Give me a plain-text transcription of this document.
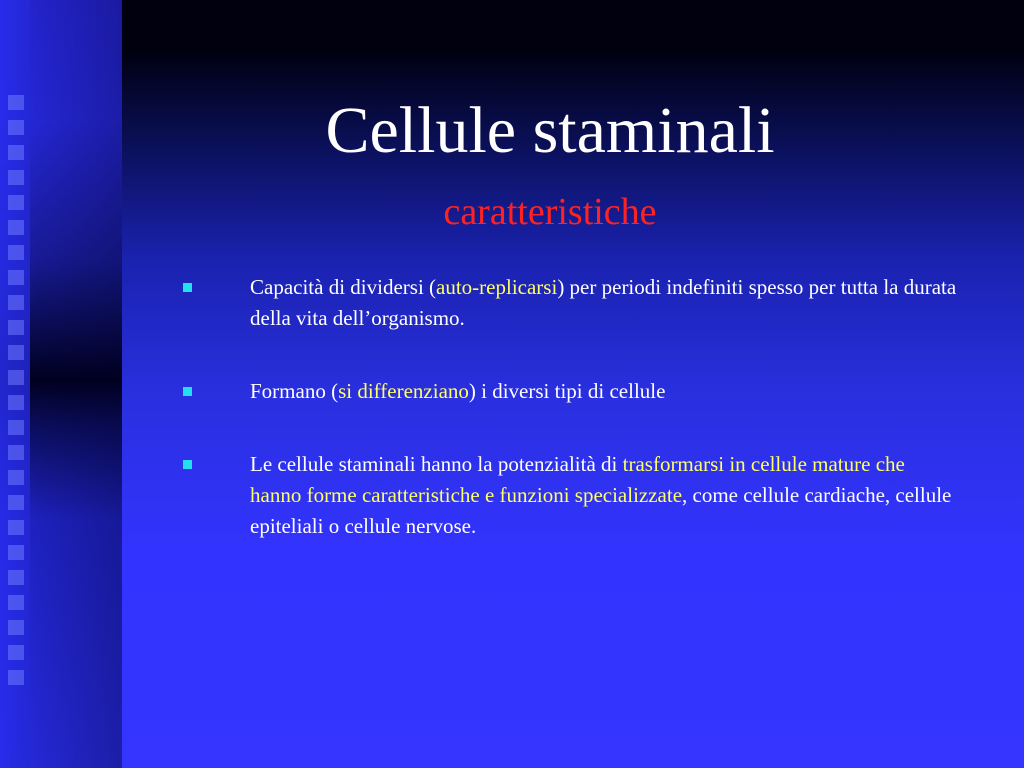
Cellule staminali
caratteristiche
Capacità di dividersi (auto-replicarsi) per periodi indefiniti spesso per tutta la durata della vita dell’organismo.
Formano (si differenziano) i diversi tipi di cellule
Le cellule staminali hanno la potenzialità di trasformarsi in cellule mature che hanno forme caratteristiche e funzioni specializzate, come cellule cardiache, cellule epiteliali o cellule nervose.
